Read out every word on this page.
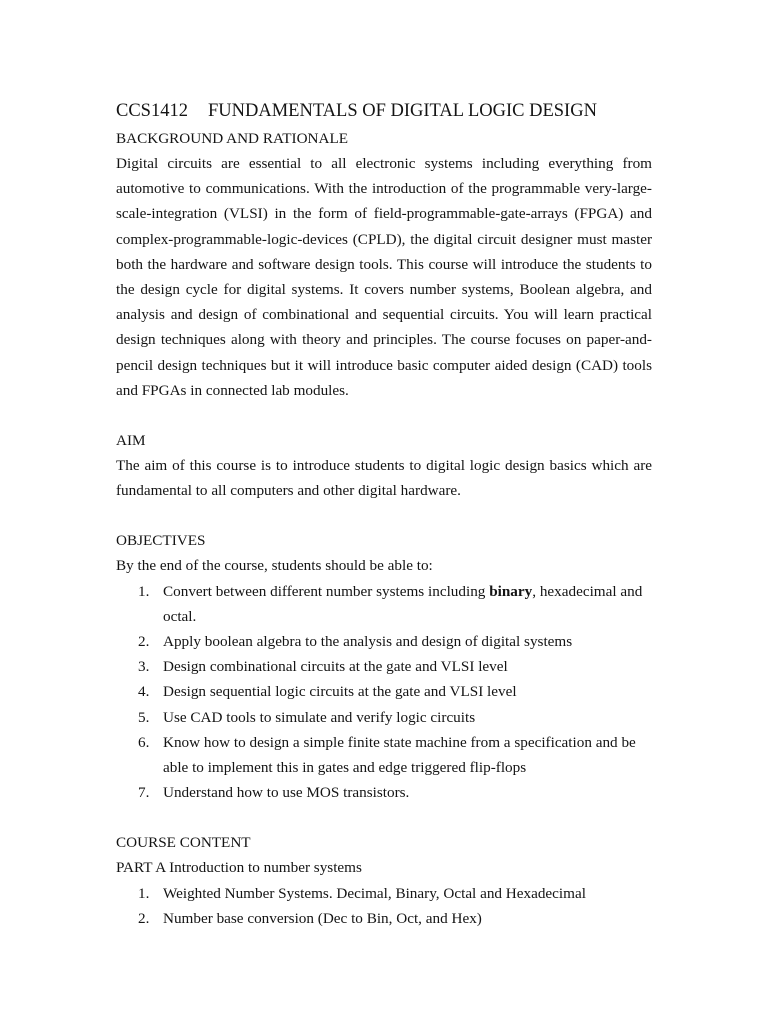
CCS1412 FUNDAMENTALS OF DIGITAL LOGIC DESIGN
BACKGROUND AND RATIONALE

Digital circuits are essential to all electronic systems including everything from automotive to communications. With the introduction of the programmable very-large-scale-integration (VLSI) in the form of field-programmable-gate-arrays (FPGA) and complex-programmable-logic-devices (CPLD), the digital circuit designer must master both the hardware and software design tools. This course will introduce the students to the design cycle for digital systems. It covers number systems, Boolean algebra, and analysis and design of combinational and sequential circuits. You will learn practical design techniques along with theory and principles. The course focuses on paper-and-pencil design techniques but it will introduce basic computer aided design (CAD) tools and FPGAs in connected lab modules.

AIM

The aim of this course is to introduce students to digital logic design basics which are fundamental to all computers and other digital hardware.

OBJECTIVES

By the end of the course, students should be able to:

1. Convert between different number systems including binary, hexadecimal and octal.
2. Apply boolean algebra to the analysis and design of digital systems
3. Design combinational circuits at the gate and VLSI level
4. Design sequential logic circuits at the gate and VLSI level
5. Use CAD tools to simulate and verify logic circuits
6. Know how to design a simple finite state machine from a specification and be able to implement this in gates and edge triggered flip-flops
7. Understand how to use MOS transistors.
COURSE CONTENT

PART A Introduction to number systems

1. Weighted Number Systems. Decimal, Binary, Octal and Hexadecimal
2. Number base conversion (Dec to Bin, Oct, and Hex)
